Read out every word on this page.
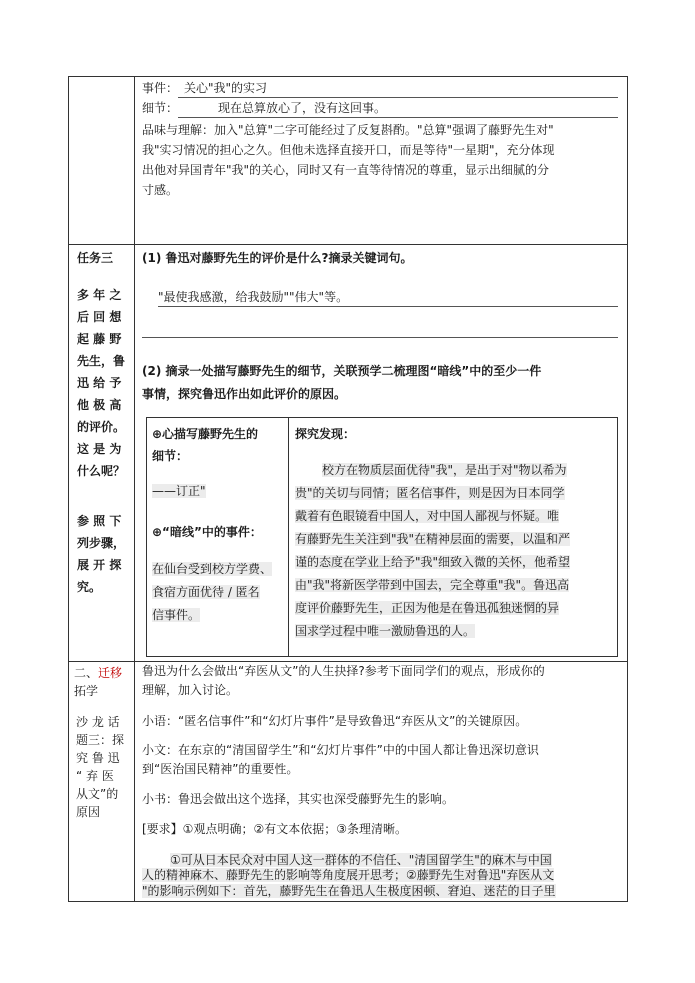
事件： 关心"我"的实习
细节：	现在总算放心了，没有这回事。
品味与理解：加入"总算"二字可能经过了反复斟酌。"总算"强调了藤野先生对"
我"实习情况的担心之久。但他未选择直接开口，而是等待"一星期"，充分体现
出他对异国青年"我"的关心，同时又有一直等待情况的尊重，显示出细腻的分
寸感。
任务三
多 年 之
后 回 想
起 藤 野
先生，鲁
迅 给 予
他 极 高
的评价。
这 是 为
什么呢？
参 照 下
列步骤，
展 开 探
究。
(1) 鲁迅对藤野先生的评价是什么?摘录关键词句。
"最使我感激，给我鼓励""伟大"等。
(2) 摘录一处描写藤野先生的细节，关联预学二梳理图“暗线”中的至少一件
事情，探究鲁迅作出如此评价的原因。
⊕心描写藤野先生的
细节：
——订正"
⊕“暗线”中的事件：
在仙台受到校方学费、
食宿方面优待 / 匿名
信事件。
探究发现：
校方在物质层面优待"我"，是出于对"物以希为
贵"的关切与同情；匿名信事件，则是因为日本同学
戴着有色眼镜看中国人，对中国人鄙视与怀疑。唯
有藤野先生关注到"我"在精神层面的需要，以温和严
谨的态度在学业上给予"我"细致入微的关怀，他希望
由"我"将新医学带到中国去，完全尊重"我"。鲁迅高
度评价藤野先生，正因为他是在鲁迅孤独迷惘的异
国求学过程中唯一激励鲁迅的人。
二、迁移
拓学
沙 龙 话
题三：探
究 鲁 迅
“ 弃 医
从文”的
原因
鲁迅为什么会做出“弃医从文”的人生抉择?参考下面同学们的观点，形成你的
理解，加入讨论。
小语：“匿名信事件”和“幻灯片事件”是导致鲁迅“弃医从文”的关键原因。
小文：在东京的“清国留学生”和“幻灯片事件”中的中国人都让鲁迅深切意识
到“医治国民精神”的重要性。
小书：鲁迅会做出这个选择，其实也深受藤野先生的影响。
[要求】①观点明确；②有文本依据；③条理清晰。
①可从日本民众对中国人这一群体的不信任、"清国留学生"的麻木与中国
人的精神麻木、藤野先生的影响等角度展开思考；②藤野先生对鲁迅"弃医从文
"的影响示例如下：首先，藤野先生在鲁迅人生极度困顿、窘迫、迷茫的日子里
